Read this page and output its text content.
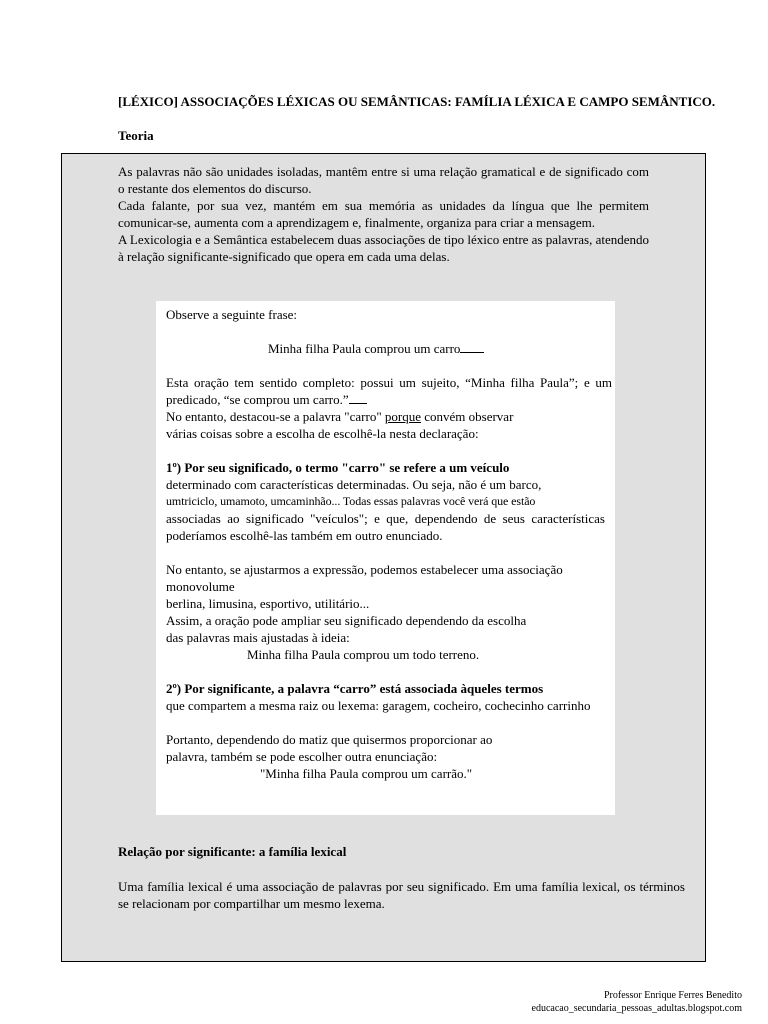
[LÉXICO] ASSOCIAÇÕES LÉXICAS OU SEMÂNTICAS: FAMÍLIA LÉXICA E CAMPO SEMÂNTICO.
Teoria

As palavras não são unidades isoladas, mantêm entre si uma relação gramatical e de significado com o restante dos elementos do discurso.

Cada falante, por sua vez, mantém em sua memória as unidades da língua que lhe permitem comunicar-se, aumenta com a aprendizagem e, finalmente, organiza para criar a mensagem.

A Lexicologia e a Semântica estabelecem duas associações de tipo léxico entre as palavras, atendendo à relação significante-significado que opera em cada uma delas.

Observe a seguinte frase:

Minha filha Paula comprou um carro

Esta oração tem sentido completo: possui um sujeito, “Minha filha Paula”; e um predicado, “se comprou um carro.”

No entanto, destacou-se a palavra "carro" porque convém observar

várias coisas sobre a escolha de escolhê-la nesta declaração:

1º) Por seu significado, o termo "carro" se refere a um veículo

determinado com características determinadas. Ou seja, não é um barco,

umtriciclo, umamoto, umcaminhão... Todas essas palavras você verá que estão

associadas ao significado "veículos"; e que, dependendo de seus características poderíamos escolhê-las também em outro enunciado.

No entanto, se ajustarmos a expressão, podemos estabelecer uma associação monovolume

berlina, limusina, esportivo, utilitário...

Assim, a oração pode ampliar seu significado dependendo da escolha

das palavras mais ajustadas à ideia:

Minha filha Paula comprou um todo terreno.

2º) Por significante, a palavra “carro” está associada àqueles termos

que compartem a mesma raiz ou lexema: garagem, cocheiro, cochecinho carrinho

Portanto, dependendo do matiz que quisermos proporcionar ao

palavra, também se pode escolher outra enunciação:

"Minha filha Paula comprou um carrão."

Relação por significante: a família lexical
Uma família lexical é uma associação de palavras por seu significado. Em uma família lexical, os términos se relacionam por compartilhar um mesmo lexema.
Professor Enrique Ferres Benedito
educacao_secundaria_pessoas_adultas.blogspot.com
